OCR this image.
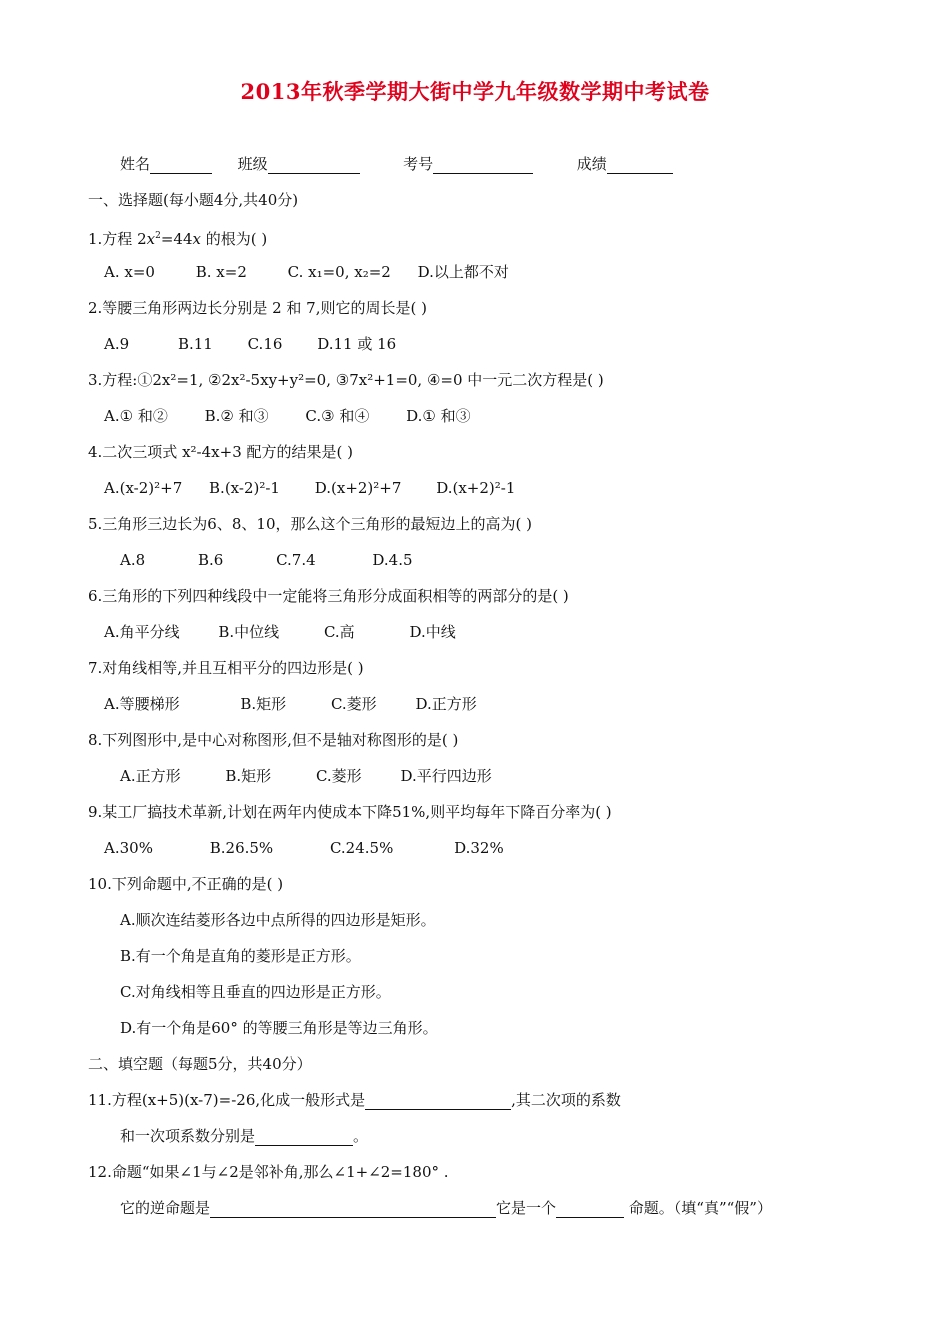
2013年秋季学期大街中学九年级数学期中考试卷
姓名	班级	考号	成绩
一、选择题(每小题4分,共40分)
1.方程 $2x^2=44x$ 的根为( )
A. x=0	B. x=2	C. x₁=0, x₂=2 D.以上都不对
2.等腰三角形两边长分别是 2 和 7,则它的周长是( )
A.9	B.11 C.16 D.11 或 16
3.方程:①2x²=1, ②2x²-5xy+y²=0, ③7x²+1=0, ④=0 中一元二次方程是( )
A.① 和② B.② 和③ C.③ 和④ D.① 和③
4.二次三项式 x²-4x+3 配方的结果是( )
A.(x-2)²+7 B.(x-2)²-1 D.(x+2)²+7 D.(x+2)²-1
5.三角形三边长为6、8、10，那么这个三角形的最短边上的高为( )
A.8	B.6	C.7.4	D.4.5
6.三角形的下列四种线段中一定能将三角形分成面积相等的两部分的是( )
A.角平分线	B.中位线	C.高	D.中线
7.对角线相等,并且互相平分的四边形是( )
A.等腰梯形	B.矩形	C.菱形	D.正方形
8.下列图形中,是中心对称图形,但不是轴对称图形的是( )
A.正方形	B.矩形	C.菱形	D.平行四边形
9.某工厂搞技术革新,计划在两年内使成本下降51%,则平均每年下降百分率为( )
A.30%	B.26.5%	C.24.5%	D.32%
10.下列命题中,不正确的是( )
A.顺次连结菱形各边中点所得的四边形是矩形。
B.有一个角是直角的菱形是正方形。
C.对角线相等且垂直的四边形是正方形。
D.有一个角是60° 的等腰三角形是等边三角形。
二、填空题（每题5分，共40分）
11.方程(x+5)(x-7)=-26,化成一般形式是	,其二次项的系数
和一次项系数分别是	。
12.命题“如果∠1与∠2是邻补角,那么∠1+∠2=180° .
它的逆命题是	它是一个	命题。（填“真”“假”）
